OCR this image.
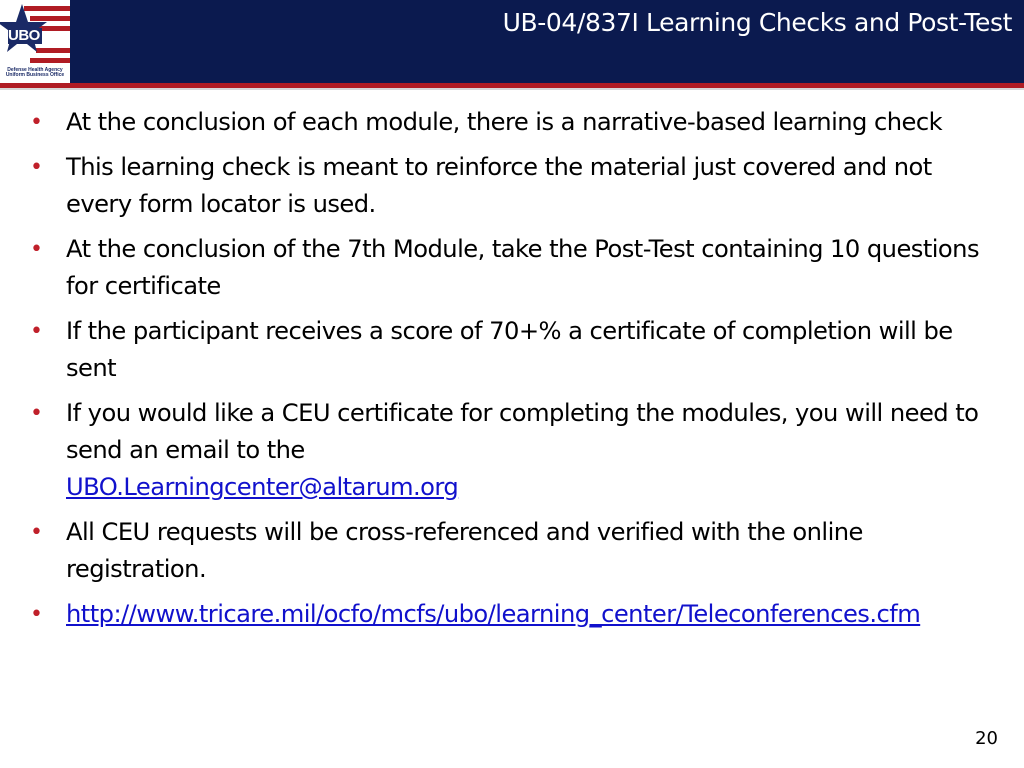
UBO
Defense Health Agency Uniform Business Office
UB-04/837I Learning Checks and Post-Test
• At the conclusion of each module, there is a narrative-based learning check
• This learning check is meant to reinforce the material just covered and not every form locator is used.
• At the conclusion of the 7th Module, take the Post-Test containing 10 questions for certificate
• If the participant receives a score of 70+% a certificate of completion will be sent
• If you would like a CEU certificate for completing the modules, you will need to send an email to the
UBO.Learningcenter@altarum.org
• All CEU requests will be cross-referenced and verified with the online registration.
• http://www.tricare.mil/ocfo/mcfs/ubo/learning_center/Teleconferences.cfm
20
